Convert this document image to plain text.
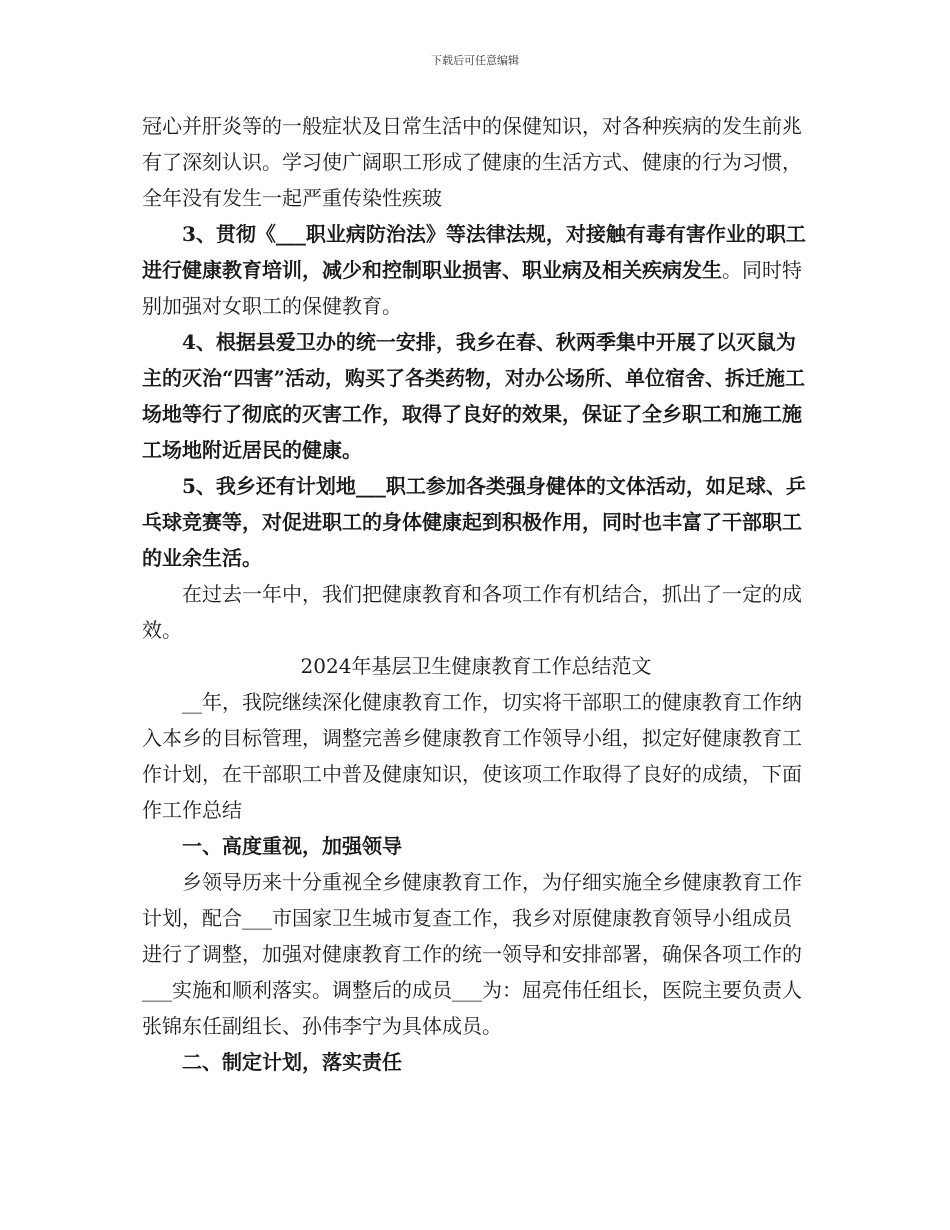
下载后可任意编辑

冠心并肝炎等的一般症状及日常生活中的保健知识，对各种疾病的发生前兆有了深刻认识。学习使广阔职工形成了健康的生活方式、健康的行为习惯，全年没有发生一起严重传染性疾玻

3、贯彻《___职业病防治法》等法律法规，对接触有毒有害作业的职工进行健康教育培训，减少和控制职业损害、职业病及相关疾病发生。同时特别加强对女职工的保健教育。

4、根据县爱卫办的统一安排，我乡在春、秋两季集中开展了以灭鼠为主的灭治“四害”活动，购买了各类药物，对办公场所、单位宿舍、拆迁施工场地等行了彻底的灭害工作，取得了良好的效果，保证了全乡职工和施工施工场地附近居民的健康。

5、我乡还有计划地___职工参加各类强身健体的文体活动，如足球、乒乓球竞赛等，对促进职工的身体健康起到积极作用，同时也丰富了干部职工的业余生活。

在过去一年中，我们把健康教育和各项工作有机结合，抓出了一定的成效。

2024年基层卫生健康教育工作总结范文

__年，我院继续深化健康教育工作，切实将干部职工的健康教育工作纳入本乡的目标管理，调整完善乡健康教育工作领导小组，拟定好健康教育工作计划，在干部职工中普及健康知识，使该项工作取得了良好的成绩，下面作工作总结

一、高度重视，加强领导

乡领导历来十分重视全乡健康教育工作，为仔细实施全乡健康教育工作计划，配合___市国家卫生城市复查工作，我乡对原健康教育领导小组成员进行了调整，加强对健康教育工作的统一领导和安排部署，确保各项工作的___实施和顺利落实。调整后的成员___为：屈亮伟任组长，医院主要负责人张锦东任副组长、孙伟李宁为具体成员。

二、制定计划，落实责任
